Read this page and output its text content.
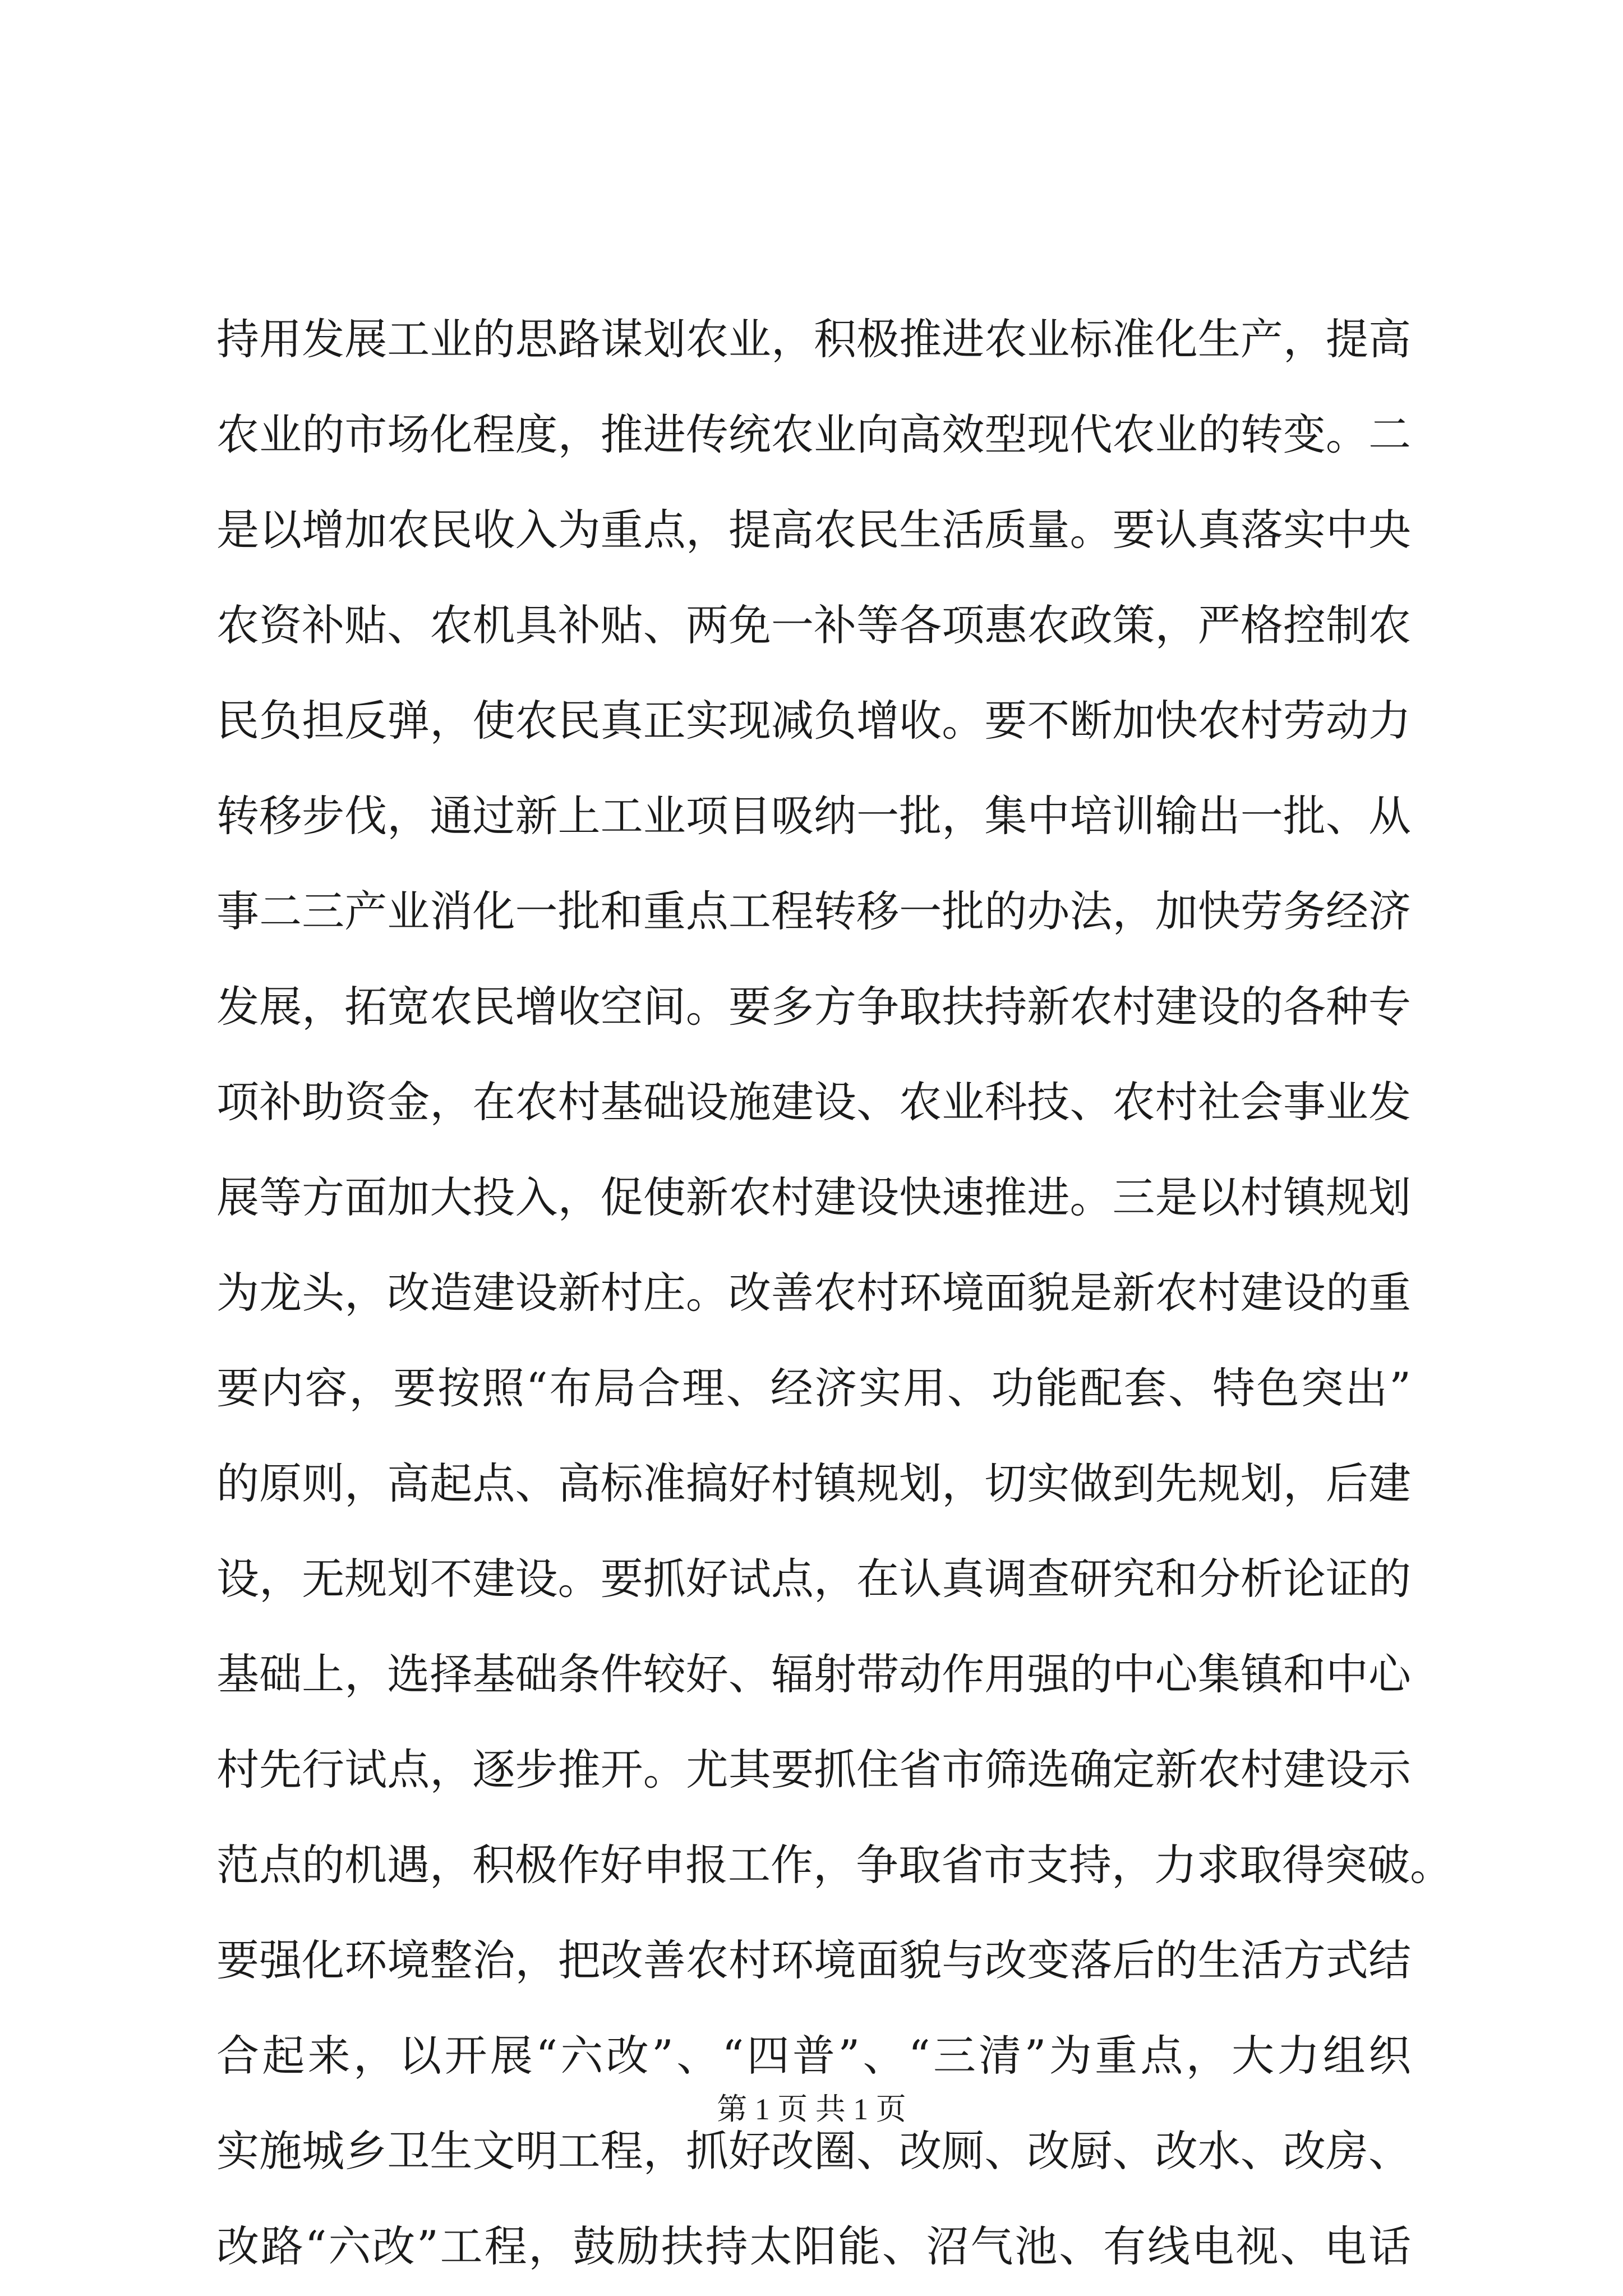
持用发展工业的思路谋划农业，积极推进农业标准化生产，提高
农业的市场化程度，推进传统农业向高效型现代农业的转变。二
是以增加农民收入为重点，提高农民生活质量。要认真落实中央
农资补贴、农机具补贴、两免一补等各项惠农政策，严格控制农
民负担反弹，使农民真正实现减负增收。要不断加快农村劳动力
转移步伐，通过新上工业项目吸纳一批，集中培训输出一批、从
事二三产业消化一批和重点工程转移一批的办法，加快劳务经济
发展，拓宽农民增收空间。要多方争取扶持新农村建设的各种专
项补助资金，在农村基础设施建设、农业科技、农村社会事业发
展等方面加大投入，促使新农村建设快速推进。三是以村镇规划
为龙头，改造建设新村庄。改善农村环境面貌是新农村建设的重
要内容，要按照“布局合理、经济实用、功能配套、特色突出”
的原则，高起点、高标准搞好村镇规划，切实做到先规划，后建
设，无规划不建设。要抓好试点，在认真调查研究和分析论证的
基础上，选择基础条件较好、辐射带动作用强的中心集镇和中心
村先行试点，逐步推开。尤其要抓住省市筛选确定新农村建设示
范点的机遇，积极作好申报工作，争取省市支持，力求取得突破。
要强化环境整治，把改善农村环境面貌与改变落后的生活方式结
合起来，以开展“六改”、“四普”、“三清”为重点，大力组织
实施城乡卫生文明工程，抓好改圈、改厕、改厨、改水、改房、
改路“六改”工程，鼓励扶持太阳能、沼气池、有线电视、电话
第 1 页 共 1 页
